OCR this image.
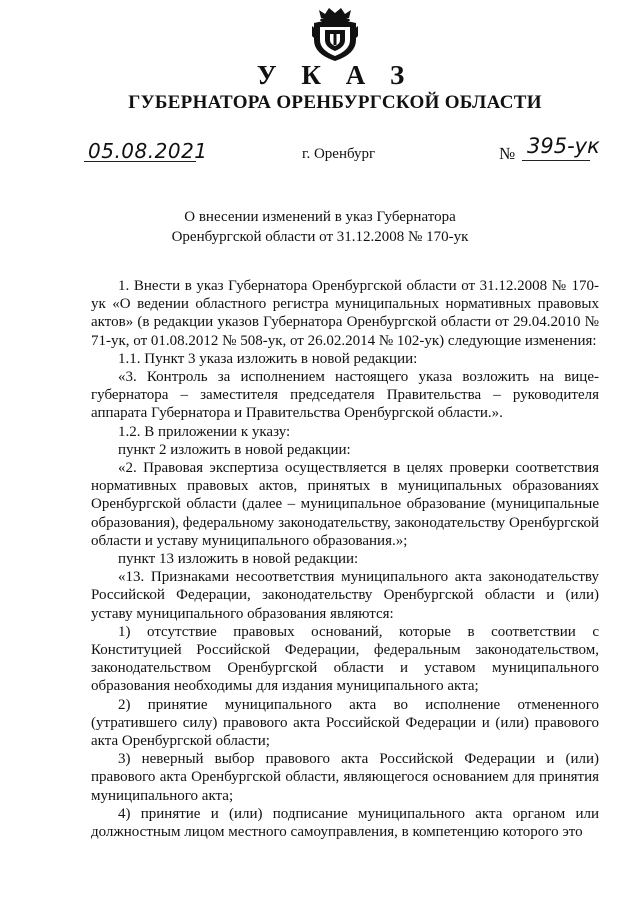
У К А З
ГУБЕРНАТОРА ОРЕНБУРГСКОЙ ОБЛАСТИ
05.08.2021	г. Оренбург	№ 395-ук
О внесении изменений в указ Губернатора
Оренбургской области от 31.12.2008 № 170-ук

1. Внести в указ Губернатора Оренбургской области от 31.12.2008 № 170-ук «О ведении областного регистра муниципальных нормативных правовых актов» (в редакции указов Губернатора Оренбургской области от 29.04.2010 № 71-ук, от 01.08.2012 № 508-ук, от 26.02.2014 № 102-ук) следующие изменения:

1.1. Пункт 3 указа изложить в новой редакции:

«3. Контроль за исполнением настоящего указа возложить на вице-губернатора – заместителя председателя Правительства – руководителя аппарата Губернатора и Правительства Оренбургской области.».

1.2. В приложении к указу:

пункт 2 изложить в новой редакции:

«2. Правовая экспертиза осуществляется в целях проверки соответствия нормативных правовых актов, принятых в муниципальных образованиях Оренбургской области (далее – муниципальное образование (муниципальные образования), федеральному законодательству, законодательству Оренбургской области и уставу муниципального образования.»;

пункт 13 изложить в новой редакции:

«13. Признаками несоответствия муниципального акта законодательству Российской Федерации, законодательству Оренбургской области и (или) уставу муниципального образования являются:

1) отсутствие правовых оснований, которые в соответствии с Конституцией Российской Федерации, федеральным законодательством, законодательством Оренбургской области и уставом муниципального образования необходимы для издания муниципального акта;

2) принятие муниципального акта во исполнение отмененного (утратившего силу) правового акта Российской Федерации и (или) правового акта Оренбургской области;

3) неверный выбор правового акта Российской Федерации и (или) правового акта Оренбургской области, являющегося основанием для принятия муниципального акта;

4) принятие и (или) подписание муниципального акта органом или должностным лицом местного самоуправления, в компетенцию которого это
